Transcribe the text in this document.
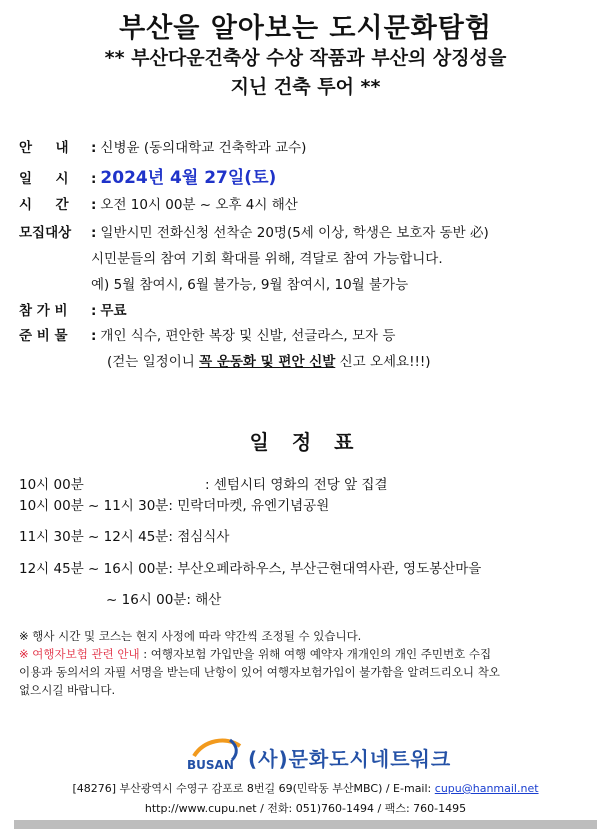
부산을 알아보는 도시문화탐험
** 부산다운건축상 수상 작품과 부산의 상징성을
지닌 건축 투어 **
안     내 : 신병윤 (동의대학교 건축학과 교수)
일     시 : 2024년 4월 27일(토)
시     간 : 오전 10시 00분 ~ 오후 4시 해산
모집대상 : 일반시민 전화신청 선착순 20명(5세 이상, 학생은 보호자 동반 必)
시민분들의 참여 기회 확대를 위해, 격달로 참여 가능합니다.
예) 5월 참여시, 6월 불가능, 9월 참여시, 10월 불가능
참 가 비 : 무료
준 비 물 : 개인 식수, 편안한 복장 및 신발, 선글라스, 모자 등
(걷는 일정이니 꼭 운동화 및 편안 신발 신고 오세요!!!)
일 정 표
10시 00분	: 센텀시티 영화의 전당 앞 집결
10시 00분 ~ 11시 30분: 민락더마켓, 유엔기념공원
11시 30분 ~ 12시 45분: 점심식사
12시 45분 ~ 16시 00분: 부산오페라하우스, 부산근현대역사관, 영도봉산마을
~ 16시 00분: 해산
※ 행사 시간 및 코스는 현지 사정에 따라 약간씩 조정될 수 있습니다.
※ 여행자보험 관련 안내 : 여행자보험 가입만을 위해 여행 예약자 개개인의 개인 주민번호 수집
이용과 동의서의 자필 서명을 받는데 난항이 있어 여행자보험가입이 불가함을 알려드리오니 착오
없으시길 바랍니다.
BUSAN (사)문화도시네트워크
[48276] 부산광역시 수영구 감포로 8번길 69(민락동 부산MBC) / E-mail: cupu@hanmail.net
http://www.cupu.net / 전화: 051)760-1494 / 팩스: 760-1495
